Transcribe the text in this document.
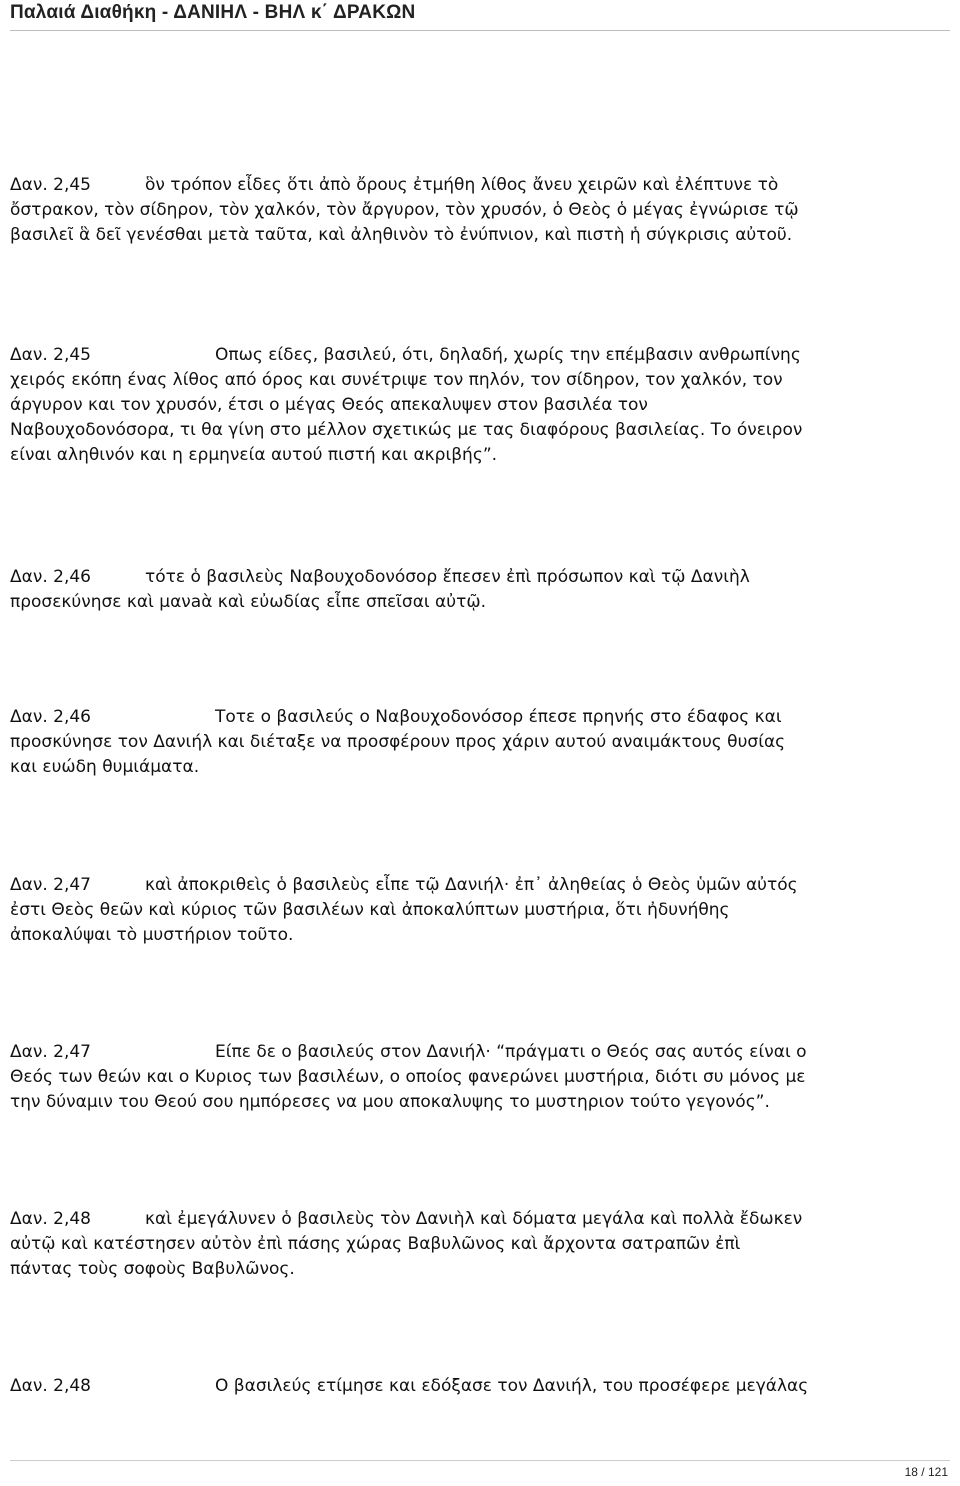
Παλαιά Διαθήκη - ΔΑΝΙΗΛ - ΒΗΛ κ΄ ΔΡΑΚΩΝ

Δαν. 2,45	ὃν τρόπον εἶδες ὅτι ἀπὸ ὄρους ἐτμήθη λίθος ἄνευ χειρῶν καὶ ἐλέπτυνε τὸ

ὄστρακον, τὸν σίδηρον, τὸν χαλκόν, τὸν ἄργυρον, τὸν χρυσόν, ὁ Θεὸς ὁ μέγας ἐγνώρισε τῷ

βασιλεῖ ἃ δεῖ γενέσθαι μετὰ ταῦτα, καὶ ἀληθινὸν τὸ ἐνύπνιον, καὶ πιστὴ ἡ σύγκρισις αὐτοῦ.

Δαν. 2,45	Οπως είδες, βασιλεύ, ότι, δηλαδή, χωρίς την επέμβασιν ανθρωπίνης

χειρός εκόπη ένας λίθος από όρος και συνέτριψε τον πηλόν, τον σίδηρον, τον χαλκόν, τον

άργυρον και τον χρυσόν, έτσι ο μέγας Θεός απεκαλυψεν στον βασιλέα τον

Ναβουχοδονόσορα, τι θα γίνη στο μέλλον σχετικώς με τας διαφόρους βασιλείας. Το όνειρον

είναι αληθινόν και η ερμηνεία αυτού πιστή και ακριβής”.

Δαν. 2,46	τότε ὁ βασιλεὺς Ναβουχοδονόσορ ἔπεσεν ἐπὶ πρόσωπον καὶ τῷ Δανιὴλ

προσεκύνησε καὶ μανaὰ καὶ εὐωδίας εἶπε σπεῖσαι αὐτῷ.

Δαν. 2,46	Τοτε ο βασιλεύς ο Ναβουχοδονόσορ έπεσε πρηνής στο έδαφος και

προσκύνησε τον Δανιήλ και διέταξε να προσφέρουν προς χάριν αυτού αναιμάκτους θυσίας

και ευώδη θυμιάματα.

Δαν. 2,47	καὶ ἀποκριθεὶς ὁ βασιλεὺς εἶπε τῷ Δανιήλ· ἐπ᾿ ἀληθείας ὁ Θεὸς ὑμῶν αὐτός

ἐστι Θεὸς θεῶν καὶ κύριος τῶν βασιλέων καὶ ἀποκαλύπτων μυστήρια, ὅτι ἠδυνήθης

ἀποκαλύψαι τὸ μυστήριον τοῦτο.

Δαν. 2,47	Είπε δε ο βασιλεύς στον Δανιήλ· “πράγματι ο Θεός σας αυτός είναι ο

Θεός των θεών και ο Κυριος των βασιλέων, ο οποίος φανερώνει μυστήρια, διότι συ μόνος με

την δύναμιν του Θεού σου ημπόρεσες να μου αποκαλυψης το μυστηριον τούτο γεγονός”.

Δαν. 2,48	καὶ ἐμεγάλυνεν ὁ βασιλεὺς τὸν Δανιὴλ καὶ δόματα μεγάλα καὶ πολλὰ ἔδωκεν

αὐτῷ καὶ κατέστησεν αὐτὸν ἐπὶ πάσης χώρας Βαβυλῶνος καὶ ἄρχοντα σατραπῶν ἐπὶ

πάντας τοὺς σοφοὺς Βαβυλῶνος.

Δαν. 2,48	Ο βασιλεύς ετίμησε και εδόξασε τον Δανιήλ, του προσέφερε μεγάλας

18 / 121
